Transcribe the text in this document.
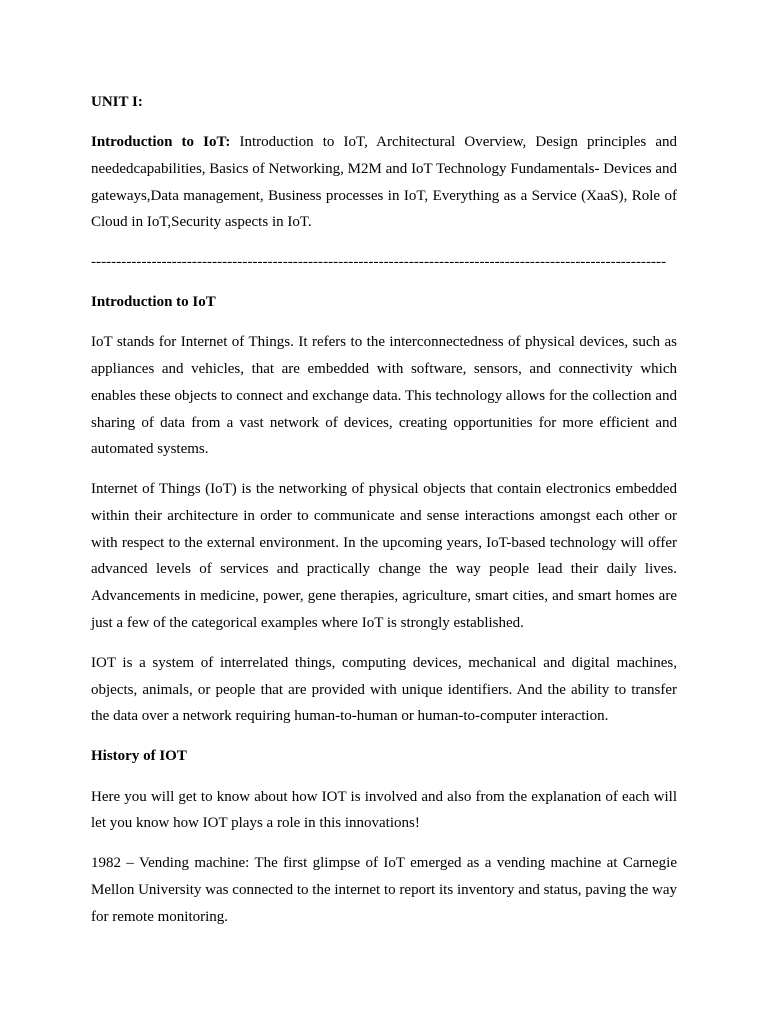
UNIT I:
Introduction to IoT: Introduction to IoT, Architectural Overview, Design principles and neededcapabilities, Basics of Networking, M2M and IoT Technology Fundamentals- Devices and gateways,Data management, Business processes in IoT, Everything as a Service (XaaS), Role of Cloud in IoT,Security aspects in IoT.
------------------------------------------------------------------------------------------------------------------
Introduction to IoT
IoT stands for Internet of Things. It refers to the interconnectedness of physical devices, such as appliances and vehicles, that are embedded with software, sensors, and connectivity which enables these objects to connect and exchange data. This technology allows for the collection and sharing of data from a vast network of devices, creating opportunities for more efficient and automated systems.
Internet of Things (IoT) is the networking of physical objects that contain electronics embedded within their architecture in order to communicate and sense interactions amongst each other or with respect to the external environment. In the upcoming years, IoT-based technology will offer advanced levels of services and practically change the way people lead their daily lives. Advancements in medicine, power, gene therapies, agriculture, smart cities, and smart homes are just a few of the categorical examples where IoT is strongly established.
IOT is a system of interrelated things, computing devices, mechanical and digital machines, objects, animals, or people that are provided with unique identifiers. And the ability to transfer the data over a network requiring human-to-human or human-to-computer interaction.
History of IOT
Here you will get to know about how IOT is involved and also from the explanation of each will let you know how IOT plays a role in this innovations!
1982 – Vending machine: The first glimpse of IoT emerged as a vending machine at Carnegie Mellon University was connected to the internet to report its inventory and status, paving the way for remote monitoring.
